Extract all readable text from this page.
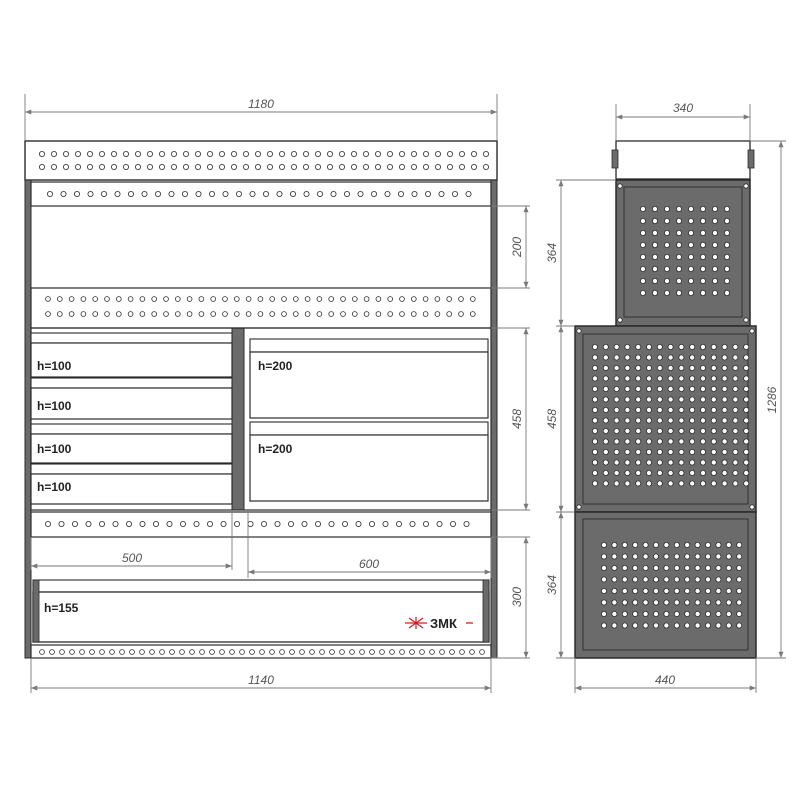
h=100
h=100
h=100
h=100
h=200
h=200
h=155
ЗМК
1180
1140
200
458
300
500	600
340
440
364
458
364
1286
